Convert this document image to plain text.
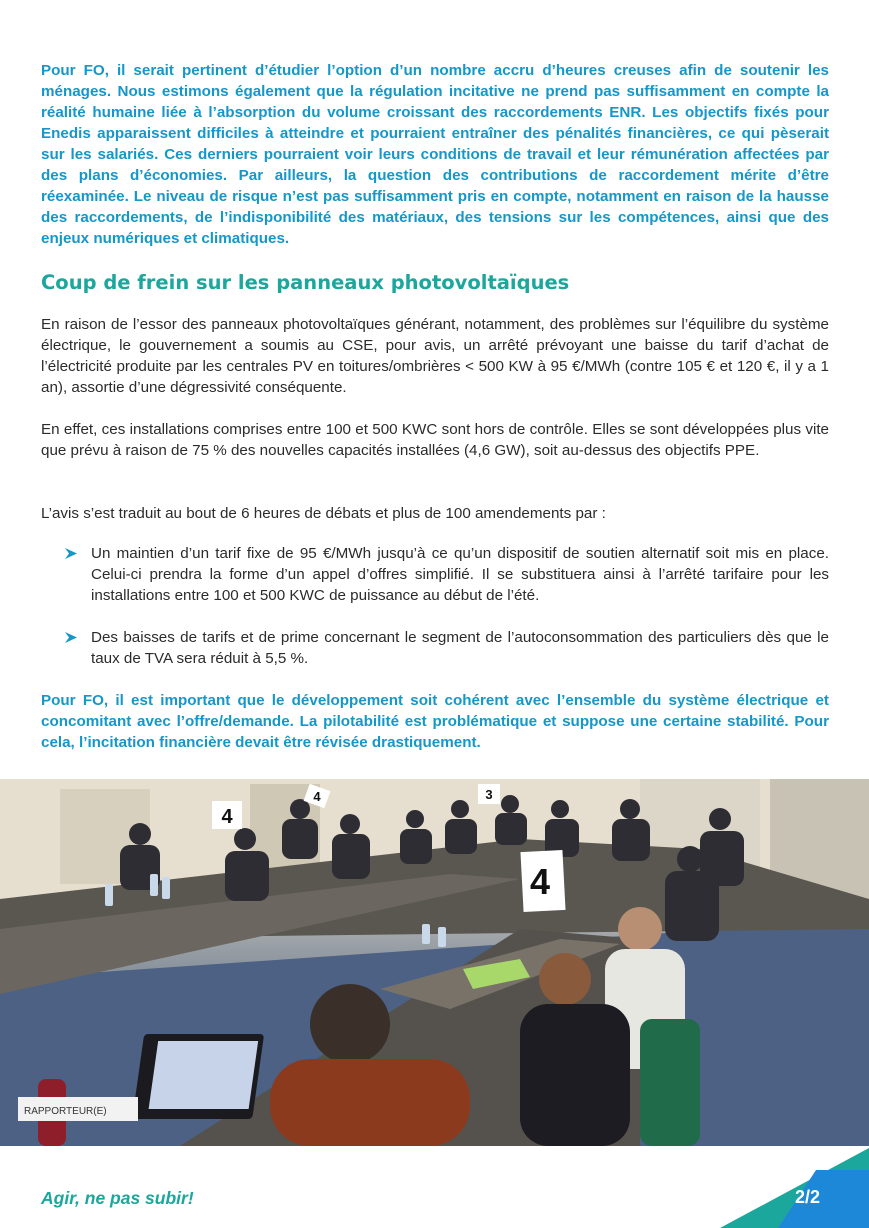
Pour FO, il serait pertinent d’étudier l’option d’un nombre accru d’heures creuses afin de soutenir les ménages. Nous estimons également que la régulation incitative ne prend pas suffisamment en compte la réalité humaine liée à l’absorption du volume croissant des raccordements ENR. Les objectifs fixés pour Enedis apparaissent difficiles à atteindre et pourraient entraîner des pénalités financières, ce qui pèserait sur les salariés. Ces derniers pourraient voir leurs conditions de travail et leur rémunération affectées par des plans d’économies. Par ailleurs, la question des contributions de raccordement mérite d’être réexaminée. Le niveau de risque n’est pas suffisamment pris en compte, notamment en raison de la hausse des raccordements, de l’indisponibilité des matériaux, des tensions sur les compétences, ainsi que des enjeux numériques et climatiques.

Coup de frein sur les panneaux photovoltaïques

En raison de l’essor des panneaux photovoltaïques générant, notamment, des problèmes sur l’équilibre du système électrique, le gouvernement a soumis au CSE, pour avis, un arrêté prévoyant une baisse du tarif d’achat de l’électricité produite par les centrales PV en toitures/ombrières < 500 KW à 95 €/MWh (contre 105 € et 120 €, il y a 1 an), assortie d’une dégressivité conséquente.

En effet, ces installations comprises entre 100 et 500 KWC sont hors de contrôle. Elles se sont développées plus vite que prévu à raison de 75 % des nouvelles capacités installées (4,6 GW), soit au-dessus des objectifs PPE.

L’avis s’est traduit au bout de 6 heures de débats et plus de 100 amendements par :

Un maintien d’un tarif fixe de 95 €/MWh jusqu’à ce qu’un dispositif de soutien alternatif soit mis en place. Celui-ci prendra la forme d’un appel d’offres simplifié. Il se substituera ainsi à l’arrêté tarifaire pour les installations entre 100 et 500 KWC de puissance au début de l’été.
Des baisses de tarifs et de prime concernant le segment de l’autoconsommation des particuliers dès que le taux de TVA sera réduit à 5,5 %.

Pour FO, il est important que le développement soit cohérent avec l’ensemble du système électrique et concomitant avec l’offre/demande. La pilotabilité est problématique et suppose une certaine stabilité. Pour cela, l’incitation financière devait être révisée drastiquement.

4
4
3
4
RAPPORTEUR(E)
Agir, ne pas subir!	2/2
